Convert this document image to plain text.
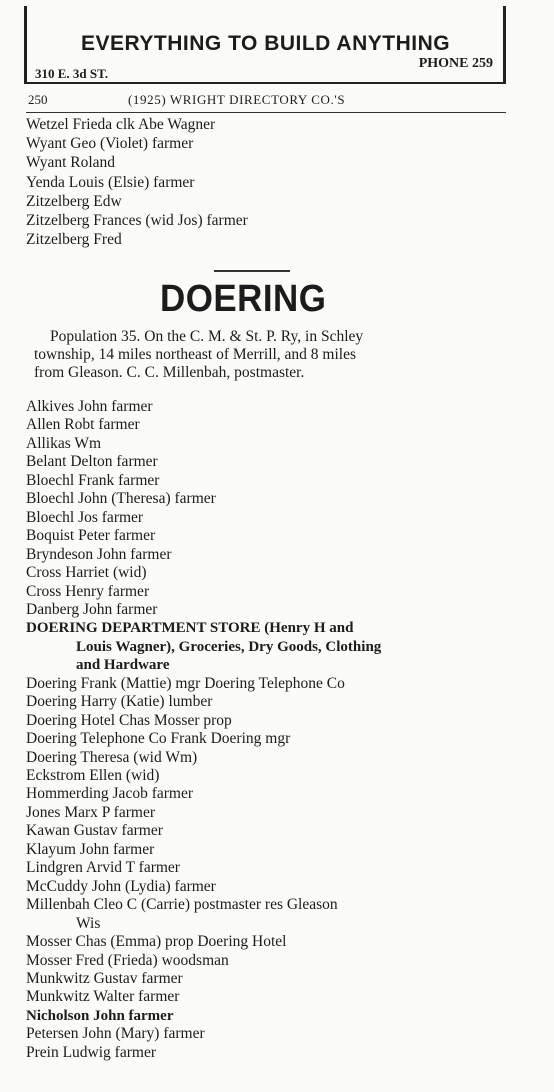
EVERYTHING TO BUILD ANYTHING
310 E. 3d ST.
PHONE 259
250	(1925) WRIGHT DIRECTORY CO.'S
Wetzel Frieda clk Abe Wagner
Wyant Geo (Violet) farmer
Wyant Roland
Yenda Louis (Elsie) farmer
Zitzelberg Edw
Zitzelberg Frances (wid Jos) farmer
Zitzelberg Fred
DOERING

Population 35. On the C. M. & St. P. Ry, in Schley

township, 14 miles northeast of Merrill, and 8 miles

from Gleason. C. C. Millenbah, postmaster.

Alkives John farmer
Allen Robt farmer
Allikas Wm
Belant Delton farmer
Bloechl Frank farmer
Bloechl John (Theresa) farmer
Bloechl Jos farmer
Boquist Peter farmer
Bryndeson John farmer
Cross Harriet (wid)
Cross Henry farmer
Danberg John farmer
DOERING DEPARTMENT STORE (Henry H and
Louis Wagner), Groceries, Dry Goods, Clothing
and Hardware
Doering Frank (Mattie) mgr Doering Telephone Co
Doering Harry (Katie) lumber
Doering Hotel Chas Mosser prop
Doering Telephone Co Frank Doering mgr
Doering Theresa (wid Wm)
Eckstrom Ellen (wid)
Hommerding Jacob farmer
Jones Marx P farmer
Kawan Gustav farmer
Klayum John farmer
Lindgren Arvid T farmer
McCuddy John (Lydia) farmer
Millenbah Cleo C (Carrie) postmaster res Gleason
Wis
Mosser Chas (Emma) prop Doering Hotel
Mosser Fred (Frieda) woodsman
Munkwitz Gustav farmer
Munkwitz Walter farmer
Nicholson John farmer
Petersen John (Mary) farmer
Prein Ludwig farmer
